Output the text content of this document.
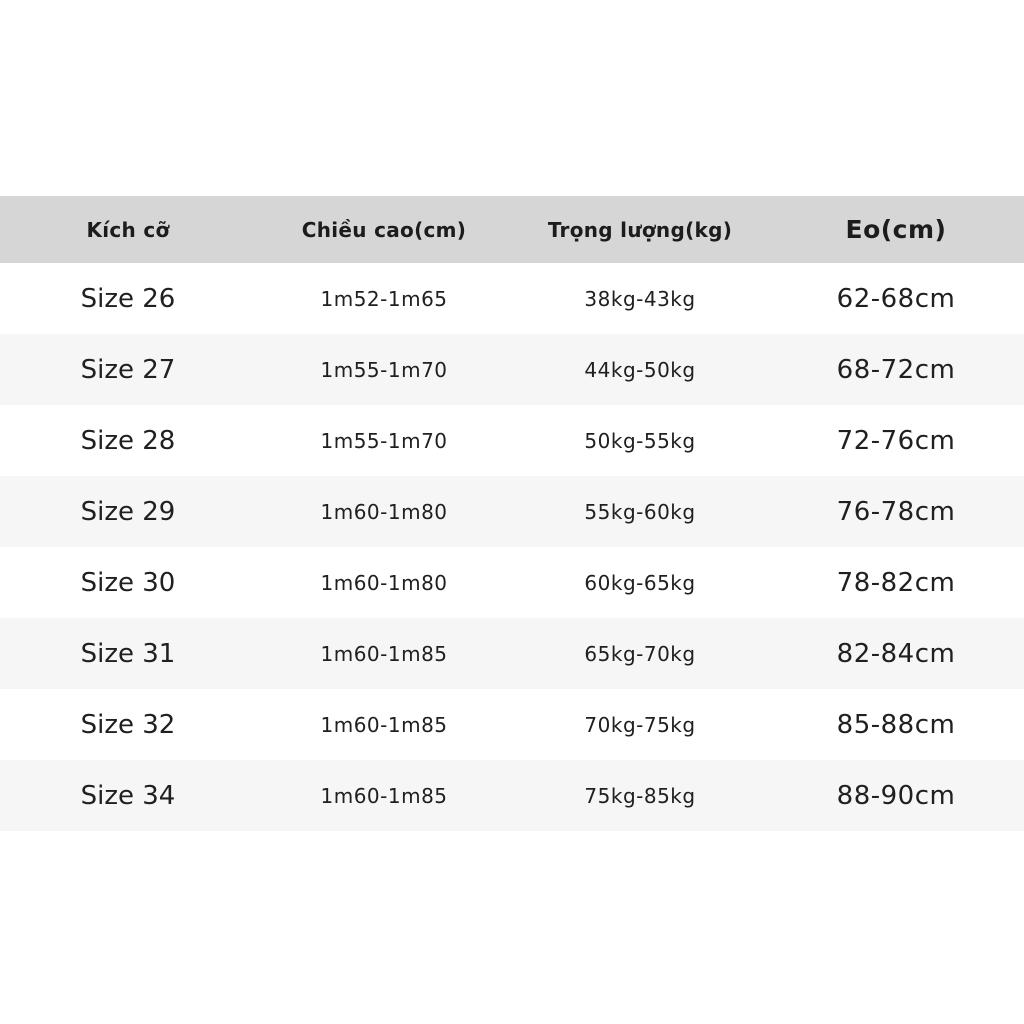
Kích cỡ	Chiều cao(cm)	Trọng lượng(kg)	Eo(cm)
Size 26	1m52-1m65	38kg-43kg	62-68cm
Size 27	1m55-1m70	44kg-50kg	68-72cm
Size 28	1m55-1m70	50kg-55kg	72-76cm
Size 29	1m60-1m80	55kg-60kg	76-78cm
Size 30	1m60-1m80	60kg-65kg	78-82cm
Size 31	1m60-1m85	65kg-70kg	82-84cm
Size 32	1m60-1m85	70kg-75kg	85-88cm
Size 34	1m60-1m85	75kg-85kg	88-90cm
